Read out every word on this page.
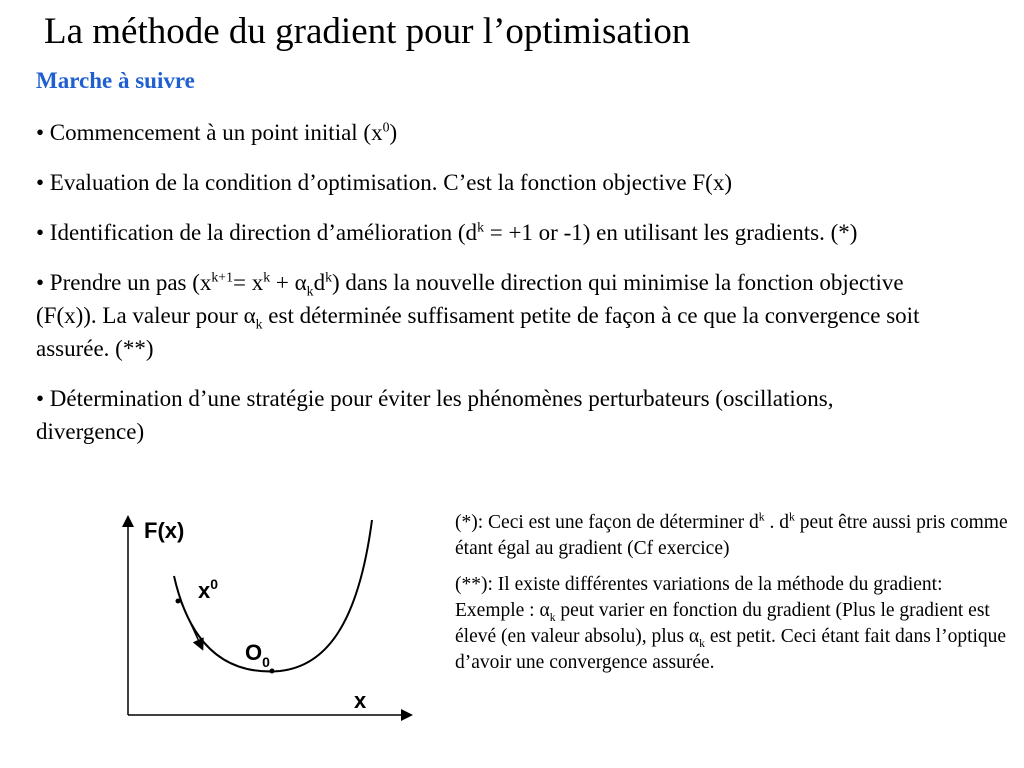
La méthode du gradient pour l’optimisation
Marche à suivre

• Commencement à un point initial $(x^0)$

• Evaluation de la condition d’optimisation. C’est la fonction objective F(x)

• Identification de la direction d’amélioration ($d^k = +1$ or -1) en utilisant les gradients. (*)

• Prendre un pas $(x^{k+1}= x^k + \alpha_kd^k)$ dans la nouvelle direction qui minimise la fonction objective (F(x)). La valeur pour $\alpha_k$ est déterminée suffisament petite de façon à ce que la convergence soit assurée. (**)

• Détermination d’une stratégie pour éviter les phénomènes perturbateurs (oscillations, divergence)

F(x)
$x^0$
$O_0$
x

(*): Ceci est une façon de déterminer $d^k$ . $d^k$ peut être aussi pris comme étant égal au gradient (Cf exercice)

(**): Il existe différentes variations de la méthode du gradient: Exemple : $\alpha_k$ peut varier en fonction du gradient (Plus le gradient est élevé (en valeur absolu), plus $\alpha_k$ est petit. Ceci étant fait dans l’optique d’avoir une convergence assurée.
